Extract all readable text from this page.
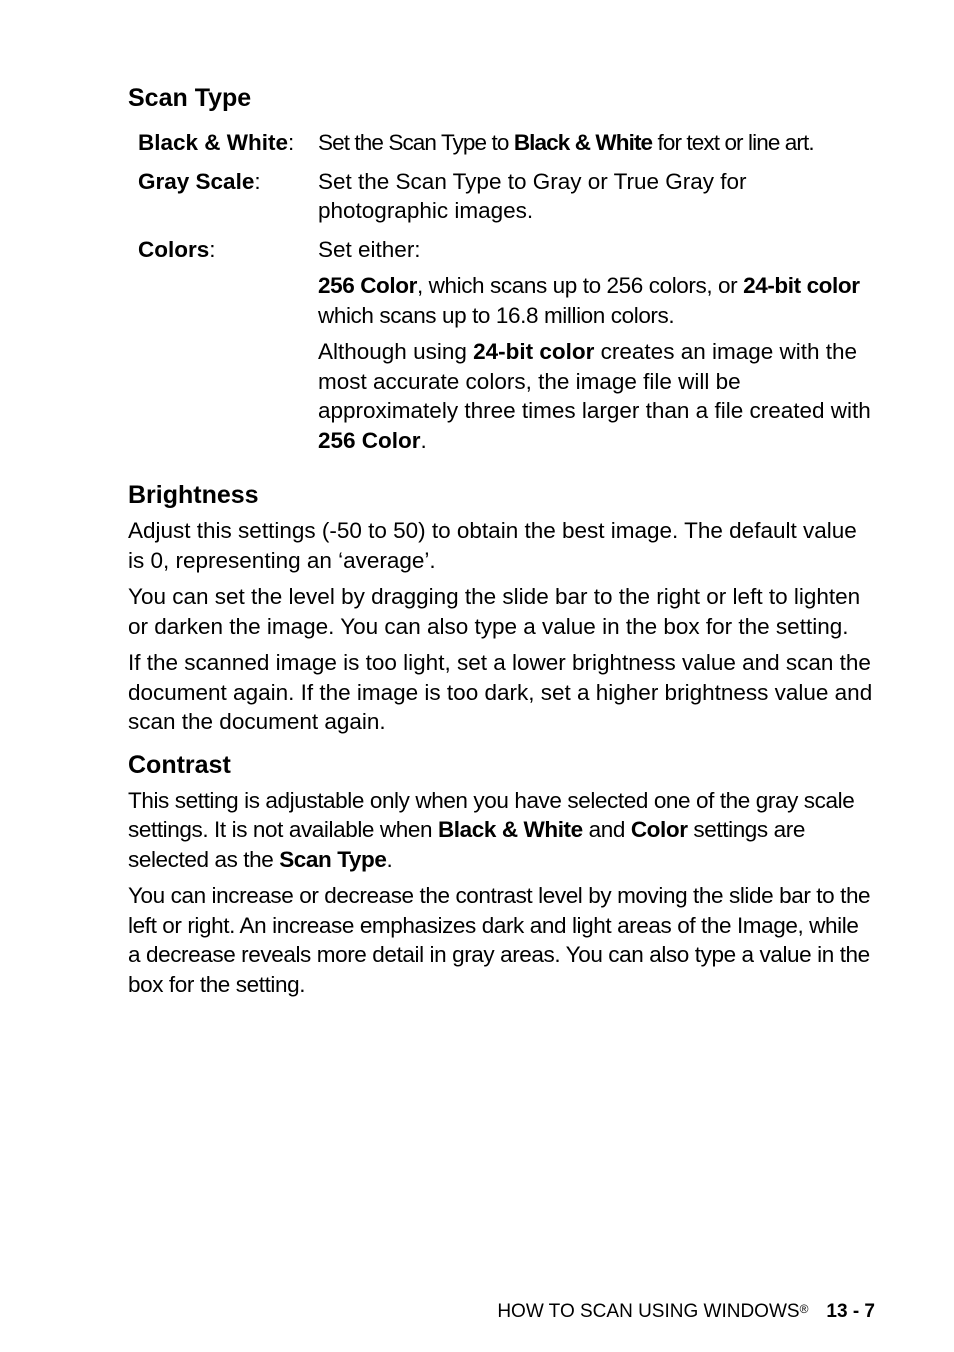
Scan Type
Black & White:	Set the Scan Type to Black & White for text or line art.

Gray Scale:	Set the Scan Type to Gray or True Gray for photographic images.

Colors:	Set either:

256 Color, which scans up to 256 colors, or 24-bit color which scans up to 16.8 million colors.

Although using 24-bit color creates an image with the most accurate colors, the image file will be approximately three times larger than a file created with 256 Color.

Brightness

Adjust this settings (-50 to 50) to obtain the best image. The default value is 0, representing an ‘average’.

You can set the level by dragging the slide bar to the right or left to lighten or darken the image. You can also type a value in the box for the setting.

If the scanned image is too light, set a lower brightness value and scan the document again. If the image is too dark, set a higher brightness value and scan the document again.

Contrast

This setting is adjustable only when you have selected one of the gray scale settings. It is not available when Black & White and Color settings are selected as the Scan Type.

You can increase or decrease the contrast level by moving the slide bar to the left or right. An increase emphasizes dark and light areas of the Image, while a decrease reveals more detail in gray areas. You can also type a value in the box for the setting.

HOW TO SCAN USING WINDOWS® 13 - 7
